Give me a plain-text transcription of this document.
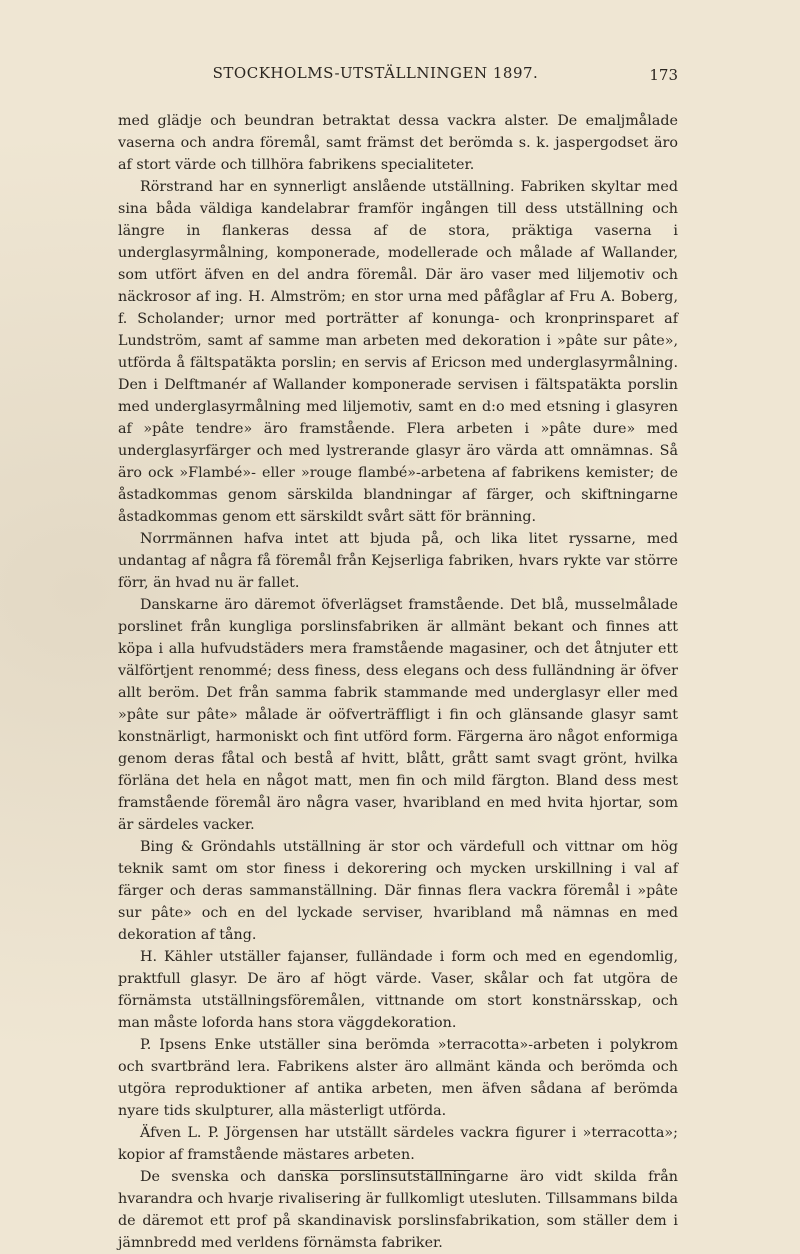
STOCKHOLMS-UTSTÄLLNINGEN 1897.	173

med glädje och beundran betraktat dessa vackra alster. De emaljmålade vaserna och andra föremål, samt främst det berömda s. k. jaspergodset äro af stort värde och tillhöra fabrikens specialiteter.

Rörstrand har en synnerligt anslående utställning. Fabriken skyltar med sina båda väldiga kandelabrar framför ingången till dess utställning och längre in flankeras dessa af de stora, präktiga vaserna i underglasyrmålning, komponerade, modellerade och målade af Wallander, som utfört äfven en del andra föremål. Där äro vaser med liljemotiv och näckrosor af ing. H. Almström; en stor urna med påfåglar af Fru A. Boberg, f. Scholander; urnor med porträtter af konunga- och kronprinsparet af Lundström, samt af samme man arbeten med dekoration i »pâte sur pâte», utförda å fältspatäkta porslin; en servis af Ericson med underglasyrmålning. Den i Delftmanér af Wallander komponerade servisen i fältspatäkta porslin med underglasyrmålning med liljemotiv, samt en d:o med etsning i glasyren af »pâte tendre» äro framstående. Flera arbeten i »pâte dure» med underglasyrfärger och med lystrerande glasyr äro värda att omnämnas. Så äro ock »Flambé»- eller »rouge flambé»-arbetena af fabrikens kemister; de åstadkommas genom särskilda blandningar af färger, och skiftningarne åstadkommas genom ett särskildt svårt sätt för bränning.

Norrmännen hafva intet att bjuda på, och lika litet ryssarne, med undantag af några få föremål från Kejserliga fabriken, hvars rykte var större förr, än hvad nu är fallet.

Danskarne äro däremot öfverlägset framstående. Det blå, musselmålade porslinet från kungliga porslinsfabriken är allmänt bekant och finnes att köpa i alla hufvudstäders mera framstående magasiner, och det åtnjuter ett välförtjent renommé; dess finess, dess elegans och dess fulländning är öfver allt beröm. Det från samma fabrik stammande med underglasyr eller med »pâte sur pâte» målade är oöfverträffligt i fin och glänsande glasyr samt konstnärligt, harmoniskt och fint utförd form. Färgerna äro något enformiga genom deras fåtal och bestå af hvitt, blått, grått samt svagt grönt, hvilka förläna det hela en något matt, men fin och mild färgton. Bland dess mest framstående föremål äro några vaser, hvaribland en med hvita hjortar, som är särdeles vacker.

Bing & Gröndahls utställning är stor och värdefull och vittnar om hög teknik samt om stor finess i dekorering och mycken urskillning i val af färger och deras sammanställning. Där finnas flera vackra föremål i »pâte sur pâte» och en del lyckade serviser, hvaribland må nämnas en med dekoration af tång.

H. Kähler utställer fajanser, fulländade i form och med en egendomlig, praktfull glasyr. De äro af högt värde. Vaser, skålar och fat utgöra de förnämsta utställningsföremålen, vittnande om stort konstnärsskap, och man måste loforda hans stora väggdekoration.

P. Ipsens Enke utställer sina berömda »terracotta»-arbeten i polykrom och svartbränd lera. Fabrikens alster äro allmänt kända och berömda och utgöra reproduktioner af antika arbeten, men äfven sådana af berömda nyare tids skulpturer, alla mästerligt utförda.

Äfven L. P. Jörgensen har utställt särdeles vackra figurer i »terracotta»; kopior af framstående mästares arbeten.

De svenska och danska porslinsutställningarne äro vidt skilda från hvarandra och hvarje rivalisering är fullkomligt utesluten. Tillsammans bilda de däremot ett prof på skandinavisk porslinsfabrikation, som ställer dem i jämnbredd med verldens förnämsta fabriker.
